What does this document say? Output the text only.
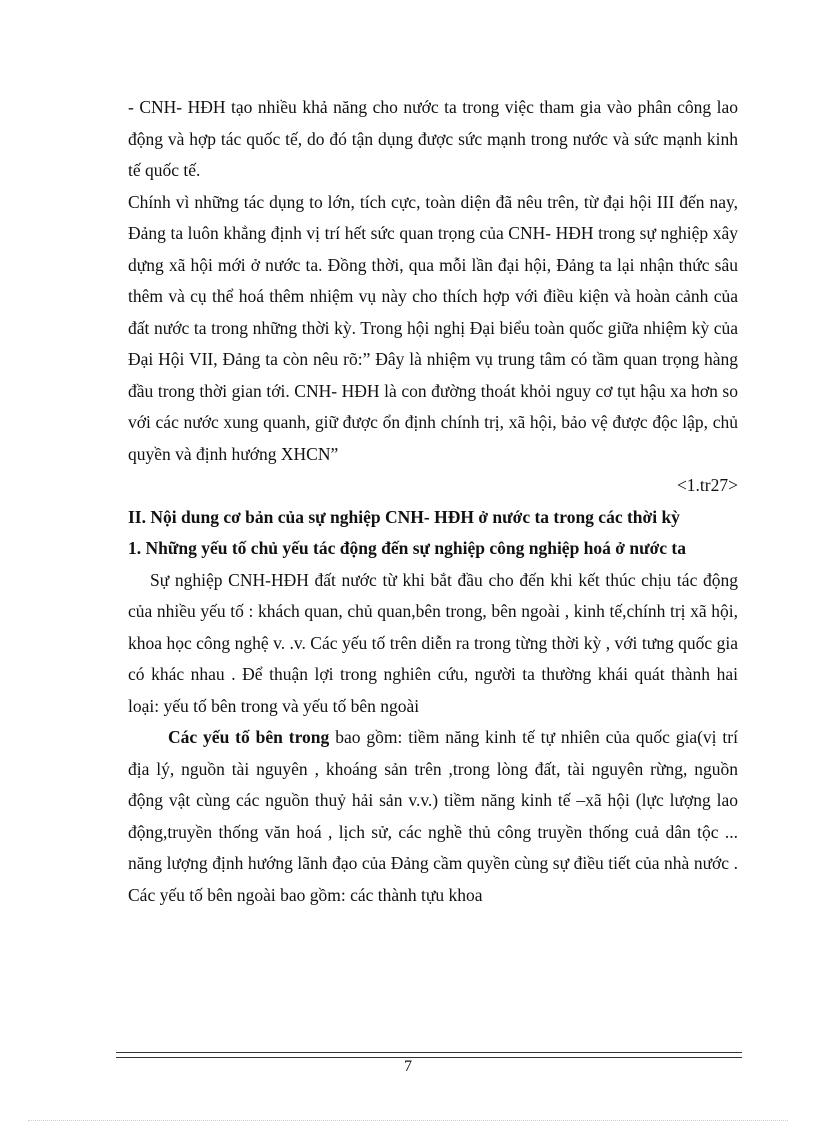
- CNH- HĐH tạo nhiều khả năng cho nước ta trong việc tham gia vào phân công lao động và hợp tác quốc tế, do đó tận dụng được sức mạnh trong nước và sức mạnh kinh tế quốc tế.

Chính vì những tác dụng to lớn, tích cực, toàn diện đã nêu trên, từ đại hội III đến nay, Đảng ta luôn khẳng định vị trí hết sức quan trọng của CNH- HĐH trong sự nghiệp xây dựng xã hội mới ở nước ta. Đồng thời, qua mỗi lần đại hội, Đảng ta lại nhận thức sâu thêm và cụ thể hoá thêm nhiệm vụ này cho thích hợp với điều kiện và hoàn cảnh của đất nước ta trong những thời kỳ. Trong hội nghị Đại biểu toàn quốc giữa nhiệm kỳ của Đại Hội VII, Đảng ta còn nêu rõ:” Đây là nhiệm vụ trung tâm có tầm quan trọng hàng đầu trong thời gian tới. CNH- HĐH là con đường thoát khỏi nguy cơ tụt hậu xa hơn so với các nước xung quanh, giữ được ổn định chính trị, xã hội, bảo vệ được độc lập, chủ quyền và định hướng XHCN”

<1.tr27>

II. Nội dung cơ bản của sự nghiệp CNH- HĐH ở nước ta trong các thời kỳ

1. Những yếu tố chủ yếu tác động đến sự nghiệp công nghiệp hoá ở nước ta

Sự nghiệp CNH-HĐH đất nước từ khi bắt đầu cho đến khi kết thúc chịu tác động của nhiều yếu tố : khách quan, chủ quan,bên trong, bên ngoài , kinh tế,chính trị xã hội, khoa học công nghệ v. .v. Các yếu tố trên diễn ra trong từng thời kỳ , với tưng quốc gia có khác nhau . Để thuận lợi trong nghiên cứu, người ta thường khái quát thành hai loại: yếu tố bên trong và yếu tố bên ngoài

Các yếu tố bên trong bao gồm: tiềm năng kinh tế tự nhiên của quốc gia(vị trí địa lý, nguồn tài nguyên , khoáng sản trên ,trong lòng đất, tài nguyên rừng, nguồn động vật cùng các nguồn thuỷ hải sản v.v.) tiềm năng kinh tế –xã hội (lực lượng lao động,truyền thống văn hoá , lịch sử, các nghề thủ công truyền thống cuả dân tộc ... năng lượng định hướng lãnh đạo của Đảng cầm quyền cùng sự điều tiết của nhà nước . Các yếu tố bên ngoài bao gồm: các thành tựu khoa

7
